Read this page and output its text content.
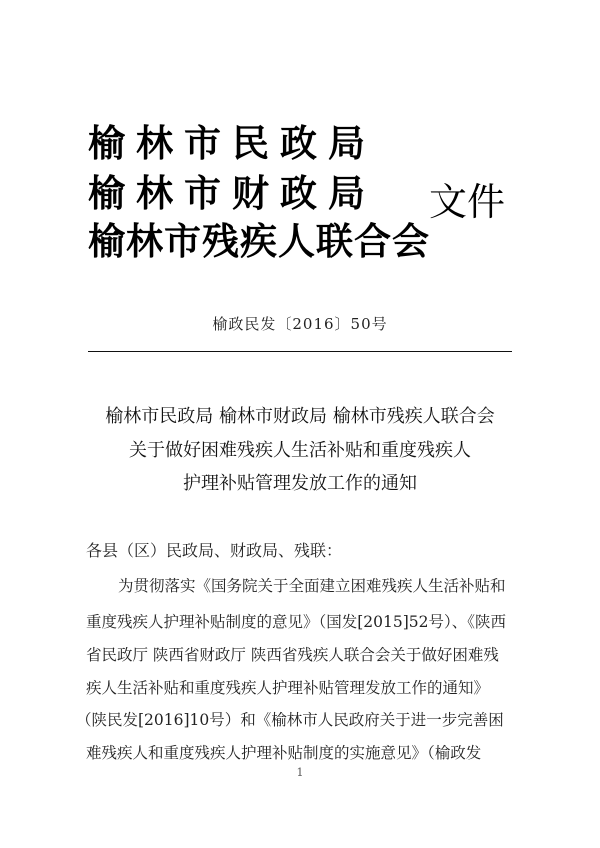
榆林市民政局
榆林市财政局
榆林市残疾人联合会
文件
榆政民发〔2016〕50号
榆林市民政局 榆林市财政局 榆林市残疾人联合会
关于做好困难残疾人生活补贴和重度残疾人
护理补贴管理发放工作的通知
各县（区）民政局、财政局、残联：
为贯彻落实《国务院关于全面建立困难残疾人生活补贴和
重度残疾人护理补贴制度的意见》（国发[2015]52号）、《陕西
省民政厅 陕西省财政厅 陕西省残疾人联合会关于做好困难残
疾人生活补贴和重度残疾人护理补贴管理发放工作的通知》
（陕民发[2016]10号）和《榆林市人民政府关于进一步完善困
难残疾人和重度残疾人护理补贴制度的实施意见》（榆政发
1
